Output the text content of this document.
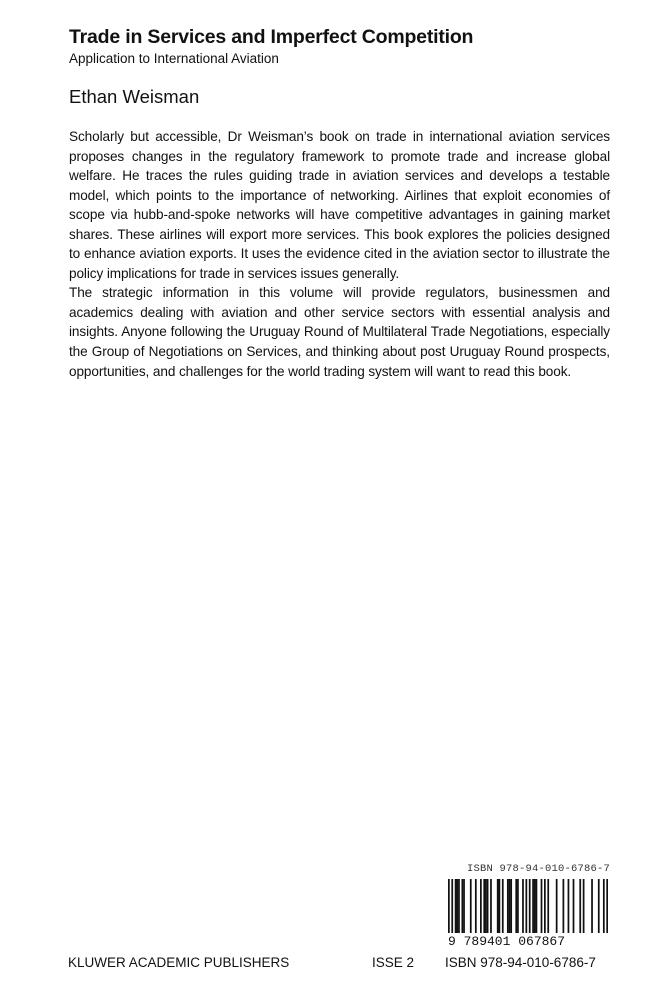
Trade in Services and Imperfect Competition

Application to International Aviation

Ethan Weisman

Scholarly but accessible, Dr Weisman’s book on trade in international aviation services proposes changes in the regulatory framework to promote trade and increase global welfare. He traces the rules guiding trade in aviation services and develops a testable model, which points to the importance of networking. Airlines that exploit economies of scope via hubb-and-spoke networks will have competitive advantages in gaining market shares. These airlines will export more services. This book explores the policies designed to enhance aviation exports. It uses the evidence cited in the aviation sector to illustrate the policy implications for trade in services issues generally.

The strategic information in this volume will provide regulators, businessmen and academics dealing with aviation and other service sectors with essential analysis and insights. Anyone following the Uruguay Round of Multilateral Trade Negotiations, especially the Group of Negotiations on Services, and thinking about post Uruguay Round prospects, opportunities, and challenges for the world trading system will want to read this book.

ISBN 978-94-010-6786-7
9 789401 067867
KLUWER ACADEMIC PUBLISHERS	ISSE 2 ISBN 978-94-010-6786-7
